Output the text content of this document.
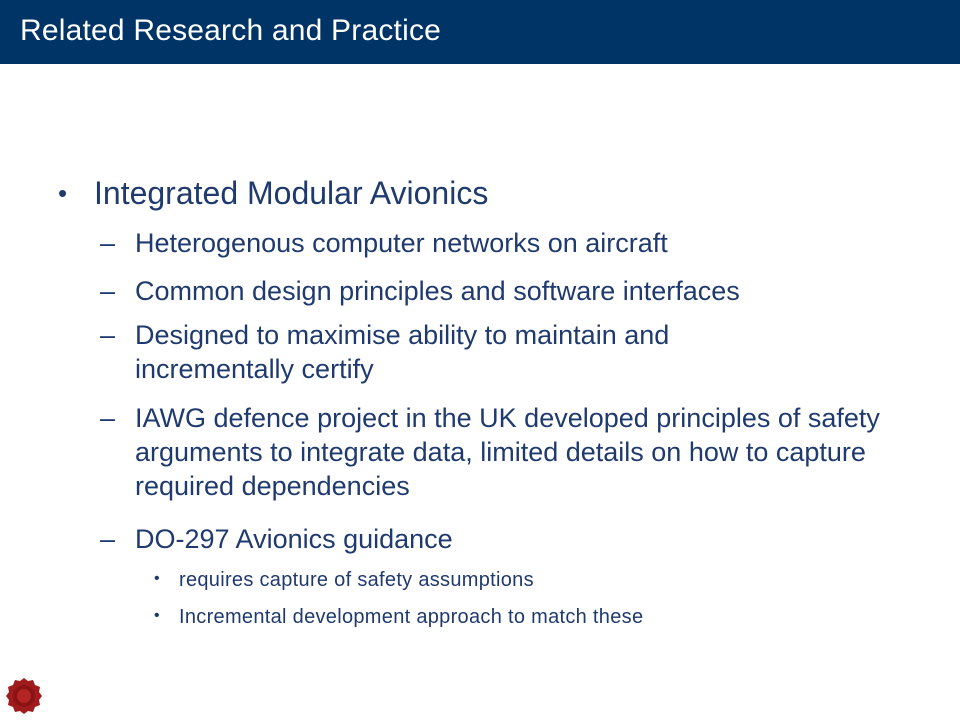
Related Research and Practice
• Integrated Modular Avionics
– Heterogenous computer networks on aircraft
– Common design principles and software interfaces
– Designed to maximise ability to maintain and incrementally certify
– IAWG defence project in the UK developed principles of safety arguments to integrate data, limited details on how to capture required dependencies
– DO-297 Avionics guidance
• requires capture of safety assumptions
• Incremental development approach to match these
